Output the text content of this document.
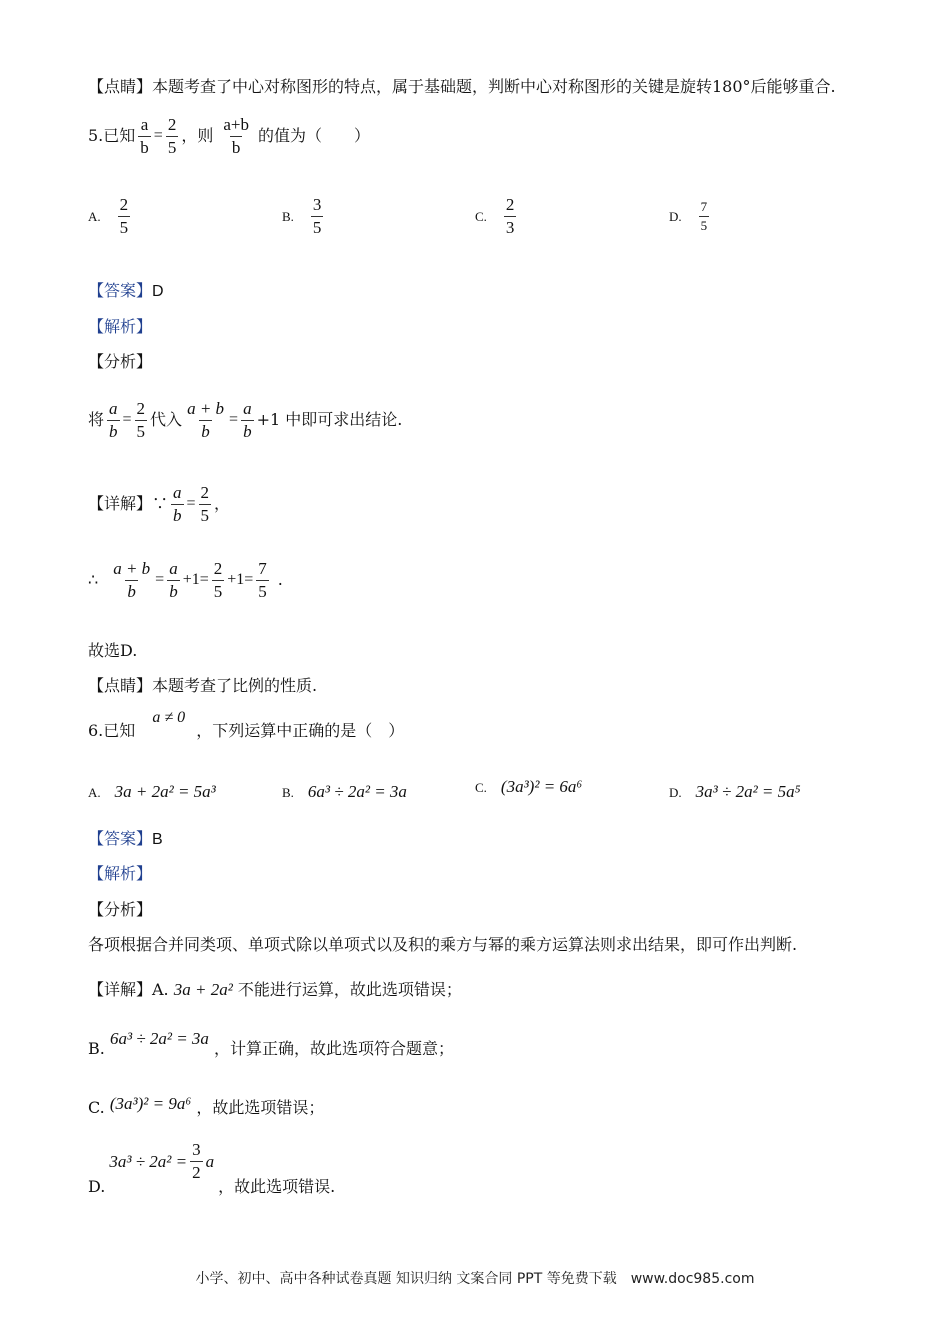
【点睛】本题考查了中心对称图形的特点，属于基础题，判断中心对称图形的关键是旋转180°后能够重合.
5.已知 $\frac{a}{b} = \frac{2}{5}$ ，则 $\frac{a+b}{b}$ 的值为（　　）
A. $\frac{2}{5}$	B. $\frac{3}{5}$	C. $\frac{2}{3}$	D. $\frac{7}{5}$
【答案】D
【解析】
【分析】
将 $\frac{a}{b} = \frac{2}{5}$ 代入 $\frac{a + b}{b} = \frac{a}{b} +1$ 中即可求出结论.
【详解】∵ $\frac{a}{b} = \frac{2}{5}$ ，
∴ $\frac{a + b}{b} = \frac{a}{b} +1= \frac{2}{5} +1= \frac{7}{5}$ .
故选D.
【点睛】本题考查了比例的性质.
6.已知 a ≠ 0 ，下列运算中正确的是（　）
A. 3a + 2a² = 5a³	B. 6a³ ÷ 2a² = 3a	C. (3a³)² = 6a⁶	D. 3a³ ÷ 2a² = 5a⁵
【答案】B
【解析】
【分析】
各项根据合并同类项、单项式除以单项式以及积的乘方与幂的乘方运算法则求出结果，即可作出判断.
【详解】A. 3a + 2a² 不能进行运算，故此选项错误；
B. 6a³ ÷ 2a² = 3a ，计算正确，故此选项符合题意；
C. (3a³)² = 9a⁶ ，故此选项错误；
D.
$3a^3 \div 2a^2 = \frac{3}{2}$ a
，故此选项错误.
小学、初中、高中各种试卷真题 知识归纳 文案合同 PPT 等免费下载　www.doc985.com
